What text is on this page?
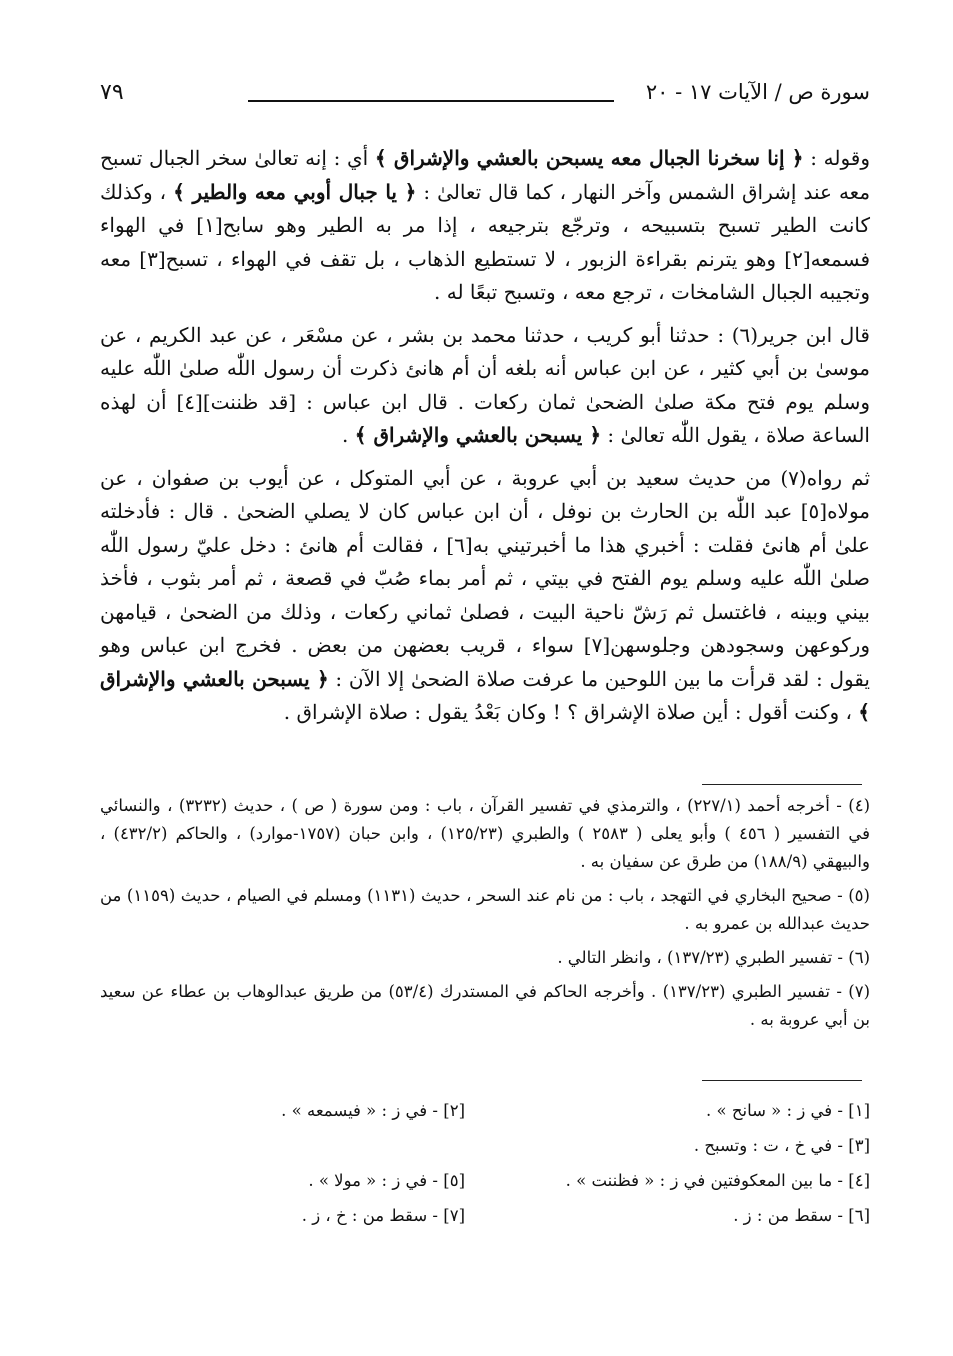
٧٩	سورة ص / الآيات ١٧ - ٢٠

وقوله : ﴿ إنا سخرنا الجبال معه يسبحن بالعشي والإشراق ﴾ أي : إنه تعالىٰ سخر الجبال تسبح معه عند إشراق الشمس وآخر النهار ، كما قال تعالىٰ : ﴿ يا جبال أوبي معه والطير ﴾ ، وكذلك كانت الطير تسبح بتسبيحه ، وترجّع بترجيعه ، إذا مر به الطير وهو سابح[١] في الهواء فسمعه[٢] وهو يترنم بقراءة الزبور ، لا تستطيع الذهاب ، بل تقف في الهواء ، تسبح[٣] معه وتجيبه الجبال الشامخات ، ترجع معه ، وتسبح تبعًا له .

قال ابن جرير(٦) : حدثنا أبو كريب ، حدثنا محمد بن بشر ، عن مسْعَر ، عن عبد الكريم ، عن موسىٰ بن أبي كثير ، عن ابن عباس أنه بلغه أن أم هانئ ذكرت أن رسول اللّٰه صلىٰ اللّٰه عليه وسلم يوم فتح مكة صلىٰ الضحىٰ ثمان ركعات . قال ابن عباس : [قد ظننت][٤] أن لهذه الساعة صلاة ، يقول اللّٰه تعالىٰ : ﴿ يسبحن بالعشي والإشراق ﴾ .

ثم رواه(٧) من حديث سعيد بن أبي عروبة ، عن أبي المتوكل ، عن أيوب بن صفوان ، عن مولاه[٥] عبد اللّٰه بن الحارث بن نوفل ، أن ابن عباس كان لا يصلي الضحىٰ . قال : فأدخلته علىٰ أم هانئ فقلت : أخبري هذا ما أخبرتيني به[٦] ، فقالت أم هانئ : دخل عليّ رسول اللّٰه صلىٰ اللّٰه عليه وسلم يوم الفتح في بيتي ، ثم أمر بماء صُبّ في قصعة ، ثم أمر بثوب ، فأخذ بيني وبينه ، فاغتسل ثم رَشّ ناحية البيت ، فصلىٰ ثماني ركعات ، وذلك من الضحىٰ ، قيامهن وركوعهن وسجودهن وجلوسهن[٧] سواء ، قريب بعضهن من بعض . فخرج ابن عباس وهو يقول : لقد قرأت ما بين اللوحين ما عرفت صلاة الضحىٰ إلا الآن : ﴿ يسبحن بالعشي والإشراق ﴾ ، وكنت أقول : أين صلاة الإشراق ؟ ! وكان بَعْدُ يقول : صلاة الإشراق .

(٤) - أخرجه أحمد (٢٢٧/١) ، والترمذي في تفسير القرآن ، باب : ومن سورة ( ص ) ، حديث (٣٢٣٢) ، والنسائي في التفسير ( ٤٥٦ ) وأبو يعلى ( ٢٥٨٣ ) والطبري (١٢٥/٢٣) ، وابن حبان (١٧٥٧-موارد) ، والحاكم (٤٣٢/٢) ، والبيهقي (١٨٨/٩) من طرق عن سفيان به .

(٥) - صحيح البخاري في التهجد ، باب : من نام عند السحر ، حديث (١١٣١) ومسلم في الصيام ، حديث (١١٥٩) من حديث عبدالله بن عمرو به .

(٦) - تفسير الطبري (١٣٧/٢٣) ، وانظر التالي .

(٧) - تفسير الطبري (١٣٧/٢٣) . وأخرجه الحاكم في المستدرك (٥٣/٤) من طريق عبدالوهاب بن عطاء عن سعيد بن أبي عروبة به .

[١] - في ز : « سانح » .
[٢] - في ز : « فيسمعه » .
[٣] - في خ ، ت : وتسبح .
[٤] - ما بين المعكوفتين في ز : « فظننت » .
[٥] - في ز : « مولا » .
[٦] - سقط من : ز .
[٧] - سقط من : خ ، ز .
